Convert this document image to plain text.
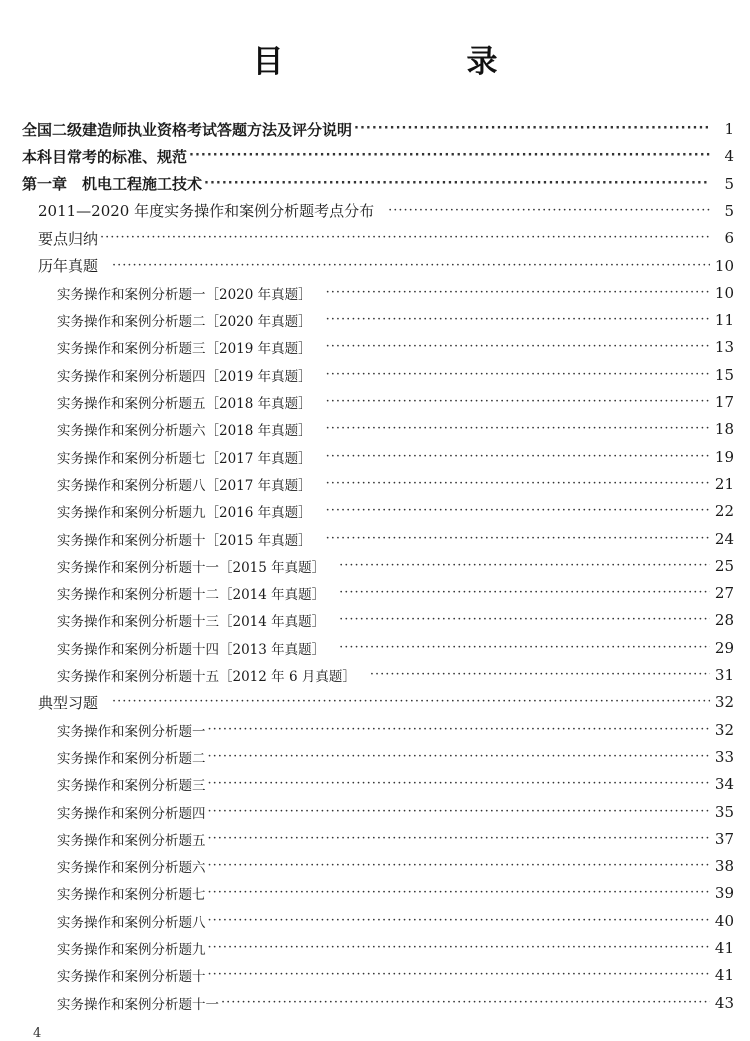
目　录
全国二级建造师执业资格考试答题方法及评分说明 ·····	1
本科目常考的标准、规范 ·····	4
第一章　机电工程施工技术 ·····	5
2011—2020 年度实务操作和案例分析题考点分布 ·····	5
要点归纳 ·····	6
历年真题 ·····	10
实务操作和案例分析题一［2020 年真题］ ·····	10
实务操作和案例分析题二［2020 年真题］ ·····	11
实务操作和案例分析题三［2019 年真题］ ·····	13
实务操作和案例分析题四［2019 年真题］ ·····	15
实务操作和案例分析题五［2018 年真题］ ·····	17
实务操作和案例分析题六［2018 年真题］ ·····	18
实务操作和案例分析题七［2017 年真题］ ·····	19
实务操作和案例分析题八［2017 年真题］ ·····	21
实务操作和案例分析题九［2016 年真题］ ·····	22
实务操作和案例分析题十［2015 年真题］ ·····	24
实务操作和案例分析题十一［2015 年真题］ ·····	25
实务操作和案例分析题十二［2014 年真题］ ·····	27
实务操作和案例分析题十三［2014 年真题］ ·····	28
实务操作和案例分析题十四［2013 年真题］ ·····	29
实务操作和案例分析题十五［2012 年 6 月真题］ ·····	31
典型习题 ·····	32
实务操作和案例分析题一 ·····	32
实务操作和案例分析题二 ·····	33
实务操作和案例分析题三 ·····	34
实务操作和案例分析题四 ·····	35
实务操作和案例分析题五 ·····	37
实务操作和案例分析题六 ·····	38
实务操作和案例分析题七 ·····	39
实务操作和案例分析题八 ·····	40
实务操作和案例分析题九 ·····	41
实务操作和案例分析题十 ·····	41
实务操作和案例分析题十一 ·····	43
4
